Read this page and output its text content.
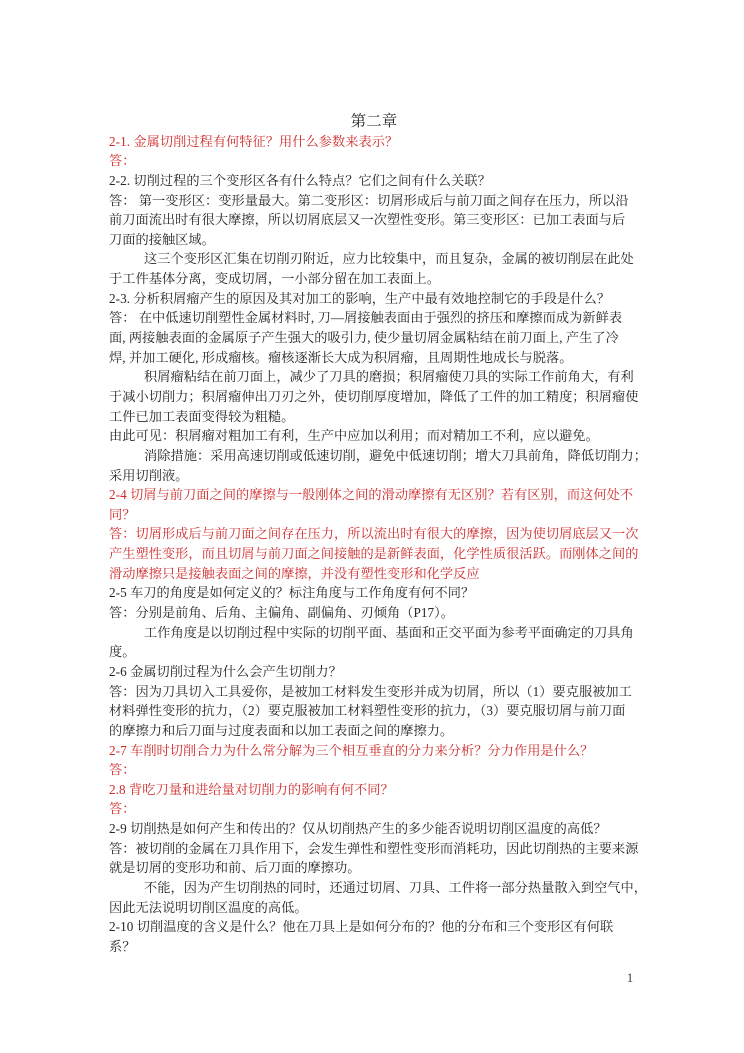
第二章
2-1. 金属切削过程有何特征？用什么参数来表示？
答：
2-2. 切削过程的三个变形区各有什么特点？它们之间有什么关联？
答： 第一变形区：变形量最大。第二变形区：切屑形成后与前刀面之间存在压力，所以沿
前刀面流出时有很大摩擦，所以切屑底层又一次塑性变形。第三变形区：已加工表面与后
刀面的接触区域。
这三个变形区汇集在切削刃附近，应力比较集中，而且复杂，金属的被切削层在此处
于工件基体分离，变成切屑，一小部分留在加工表面上。
2-3. 分析积屑瘤产生的原因及其对加工的影响，生产中最有效地控制它的手段是什么？
答： 在中低速切削塑性金属材料时, 刀—屑接触表面由于强烈的挤压和摩擦而成为新鲜表
面, 两接触表面的金属原子产生强大的吸引力, 使少量切屑金属粘结在前刀面上, 产生了冷
焊, 并加工硬化, 形成瘤核。瘤核逐渐长大成为积屑瘤，且周期性地成长与脱落。
积屑瘤粘结在前刀面上，减少了刀具的磨损；积屑瘤使刀具的实际工作前角大，有利
于减小切削力；积屑瘤伸出刀刃之外，使切削厚度增加，降低了工件的加工精度；积屑瘤使
工件已加工表面变得较为粗糙。
由此可见：积屑瘤对粗加工有利，生产中应加以利用；而对精加工不利，应以避免。
消除措施：采用高速切削或低速切削，避免中低速切削；增大刀具前角，降低切削力；
采用切削液。
2-4 切屑与前刀面之间的摩擦与一般刚体之间的滑动摩擦有无区别？若有区别，而这何处不
同？
答：切屑形成后与前刀面之间存在压力，所以流出时有很大的摩擦，因为使切屑底层又一次
产生塑性变形，而且切屑与前刀面之间接触的是新鲜表面，化学性质很活跃。而刚体之间的
滑动摩擦只是接触表面之间的摩擦，并没有塑性变形和化学反应
2-5 车刀的角度是如何定义的？标注角度与工作角度有何不同？
答：分别是前角、后角、主偏角、副偏角、刃倾角（P17）。
工作角度是以切削过程中实际的切削平面、基面和正交平面为参考平面确定的刀具角
度。
2-6 金属切削过程为什么会产生切削力？
答：因为刀具切入工具爱你，是被加工材料发生变形并成为切屑，所以（1）要克服被加工
材料弹性变形的抗力，（2）要克服被加工材料塑性变形的抗力，（3）要克服切屑与前刀面
的摩擦力和后刀面与过度表面和以加工表面之间的摩擦力。
2-7 车削时切削合力为什么常分解为三个相互垂直的分力来分析？分力作用是什么？
答：
2.8 背吃刀量和进给量对切削力的影响有何不同？
答：
2-9 切削热是如何产生和传出的？仅从切削热产生的多少能否说明切削区温度的高低？
答：被切削的金属在刀具作用下，会发生弹性和塑性变形而消耗功，因此切削热的主要来源
就是切屑的变形功和前、后刀面的摩擦功。
不能，因为产生切削热的同时，还通过切屑、刀具、工件将一部分热量散入到空气中，
因此无法说明切削区温度的高低。
2-10 切削温度的含义是什么？他在刀具上是如何分布的？他的分布和三个变形区有何联
系？
1
